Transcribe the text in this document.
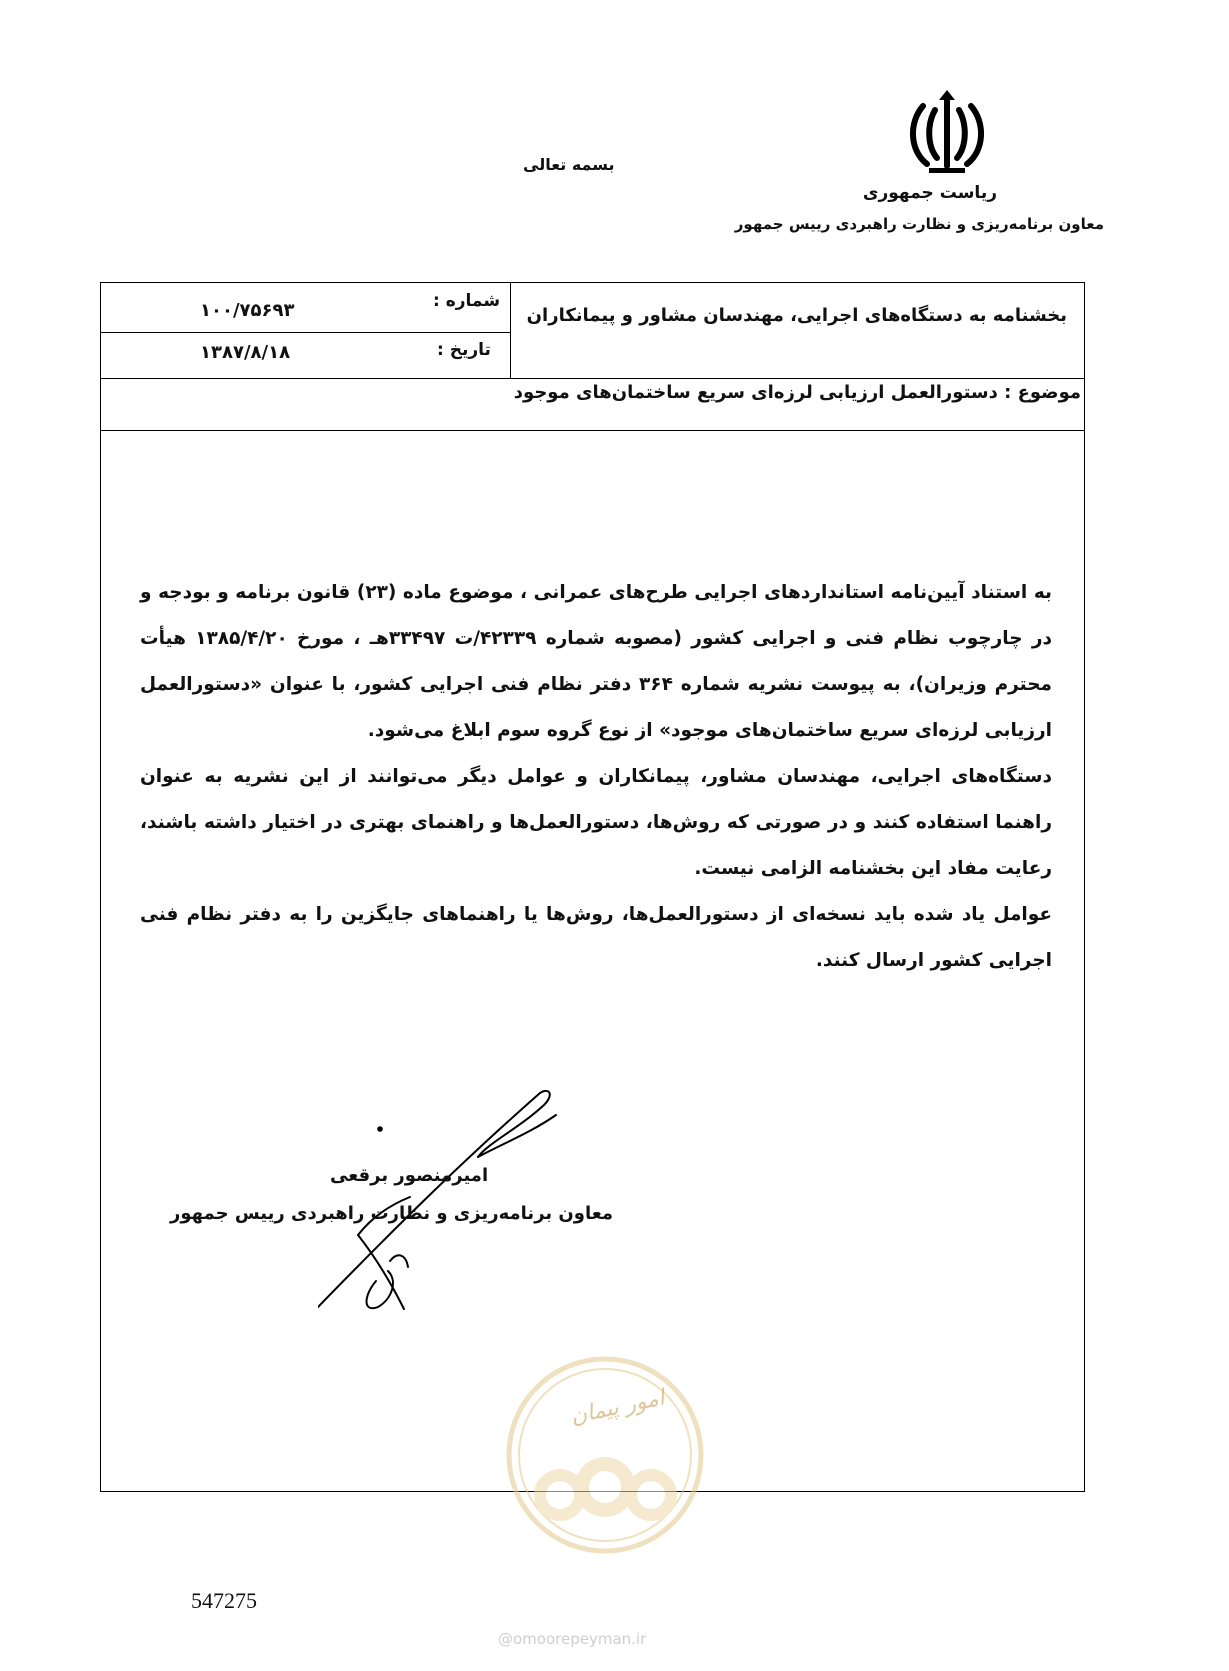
بسمه تعالی
ریاست جمهوری
معاون برنامه‌ریزی و نظارت راهبردی رییس جمهور
بخشنامه به دستگاه‌های اجرایی، مهندسان مشاور و پیمانکاران
شماره :
۱۰۰/۷۵۶۹۳
تاریخ :
۱۳۸۷/۸/۱۸
موضوع : دستورالعمل ارزیابی لرزه‌ای سریع ساختمان‌های موجود

به استناد آیین‌نامه استانداردهای اجرایی طرح‌های عمرانی ، موضوع ماده (۲۳) قانون برنامه و بودجه و در چارچوب نظام فنی و اجرایی کشور (مصوبه شماره ۴۲۳۳۹/ت ۳۳۴۹۷هـ ، مورخ ۱۳۸۵/۴/۲۰ هیأت محترم وزیران)، به پیوست نشریه شماره ۳۶۴ دفتر نظام فنی اجرایی کشور، با عنوان «دستورالعمل ارزیابی لرزه‌ای سریع ساختمان‌های موجود» از نوع گروه سوم ابلاغ می‌شود.

دستگاه‌های اجرایی، مهندسان مشاور، پیمانکاران و عوامل دیگر می‌توانند از این نشریه به عنوان راهنما استفاده کنند و در صورتی که روش‌ها، دستورالعمل‌ها و راهنمای بهتری در اختیار داشته باشند، رعایت مفاد این بخشنامه الزامی نیست.

عوامل یاد شده باید نسخه‌ای از دستورالعمل‌ها، روش‌ها یا راهنماهای جایگزین را به دفتر نظام فنی اجرایی کشور ارسال کنند.

امیرمنصور برقعی
معاون برنامه‌ریزی و نظارت راهبردی رییس جمهور
امور پیمان
@omoorepeyman.ir
547275
